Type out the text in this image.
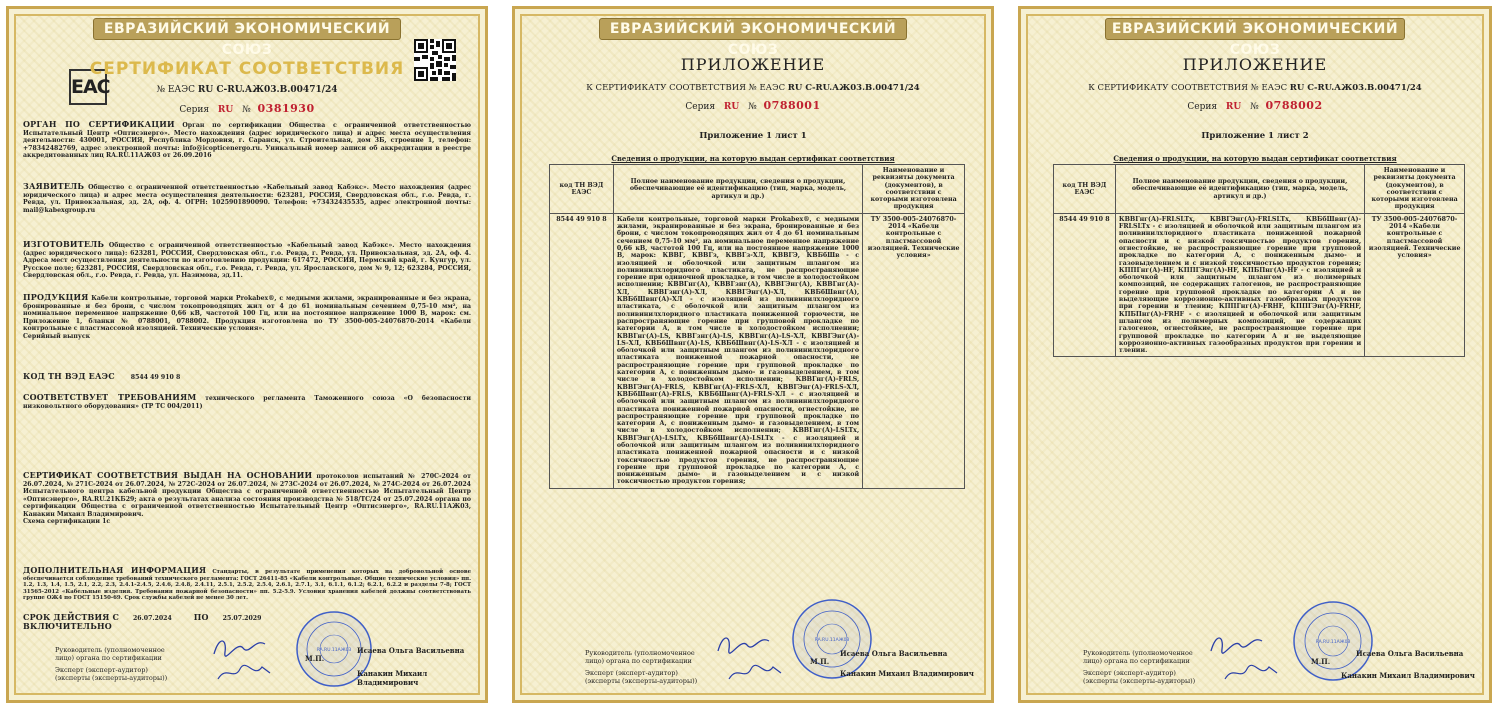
ЕВРАЗИЙСКИЙ ЭКОНОМИЧЕСКИЙ СОЮЗ
EAC
СЕРТИФИКАТ СООТВЕТСТВИЯ
№ ЕАЭС RU C-RU.АЖ03.B.00471/24
Серия RU № 0381930
ОРГАН ПО СЕРТИФИКАЦИИ Орган по сертификации Общества с ограниченной ответственностью Испытательный Центр «Оптисэнерго». Место нахождения (адрес юридического лица) и адрес места осуществления деятельности: 430001, РОССИЯ, Республика Мордовия, г. Саранск, ул. Строительная, дом 3Б, строение 1, телефон: +78342482769, адрес электронной почты: info@icopticenergo.ru. Уникальный номер записи об аккредитации в реестре аккредитованных лиц RA.RU.11АЖ03 от 26.09.2016
ЗАЯВИТЕЛЬ Общество с ограниченной ответственностью «Кабельный завод Кабэкс». Место нахождения (адрес юридического лица) и адрес места осуществления деятельности: 623281, РОССИЯ, Свердловская обл., г.о. Ревда, г. Ревда, ул. Привокзальная, зд. 2А, оф. 4. ОГРН: 1025901890090. Телефон: +73432435535, адрес электронной почты: mail@kabexgroup.ru
ИЗГОТОВИТЕЛЬ Общество с ограниченной ответственностью «Кабельный завод Кабэкс». Место нахождения (адрес юридического лица): 623281, РОССИЯ, Свердловская обл., г.о. Ревда, г. Ревда, ул. Привокзальная, зд. 2А, оф. 4. Адреса мест осуществления деятельности по изготовлению продукции: 617472, РОССИЯ, Пермский край, г. Кунгур, ул. Русское поле; 623281, РОССИЯ, Свердловская обл., г.о. Ревда, г. Ревда, ул. Ярославского, дом № 9, 12; 623284, РОССИЯ, Свердловская обл., г.о. Ревда, г. Ревда, ул. Назимова, зд.11.
ПРОДУКЦИЯ Кабели контрольные, торговой марки Prokabex®, с медными жилами, экранированные и без экрана, бронированные и без брони, с числом токопроводящих жил от 4 до 61 номинальным сечением 0,75-10 мм², на номинальное переменное напряжение 0,66 кВ, частотой 100 Гц, или на постоянное напряжение 1000 В, марок: см. Приложение 1, бланки № 0788001, 0788002. Продукция изготовлена по ТУ 3500-005-24076870-2014 «Кабели контрольные с пластмассовой изоляцией. Технические условия».
Серийный выпуск
КОД ТН ВЭД ЕАЭС	8544 49 910 8
СООТВЕТСТВУЕТ ТРЕБОВАНИЯМ технического регламента Таможенного союза «О безопасности низковольтного оборудования» (ТР ТС 004/2011)
СЕРТИФИКАТ СООТВЕТСТВИЯ ВЫДАН НА ОСНОВАНИИ протоколов испытаний № 270С-2024 от 26.07.2024, № 271С-2024 от 26.07.2024, № 272С-2024 от 26.07.2024, № 273С-2024 от 26.07.2024, № 274С-2024 от 26.07.2024 Испытательного центра кабельной продукции Общества с ограниченной ответственностью Испытательный Центр «Оптисэнерго», RA.RU.21КБ29; акта о результатах анализа состояния производства № 518/ТС/24 от 25.07.2024 органа по сертификации Общества с ограниченной ответственностью Испытательный Центр «Оптисэнерго», RA.RU.11АЖ03, Канакин Михаил Владимирович.
Схема сертификации 1с
ДОПОЛНИТЕЛЬНАЯ ИНФОРМАЦИЯ Стандарты, в результате применения которых на добровольной основе обеспечивается соблюдение требований технического регламента: ГОСТ 26411-85 «Кабели контрольные. Общие технические условия» пп. 1.2, 1.3, 1.4, 1.5, 2.1, 2.2, 2.3, 2.4.1-2.4.5, 2.4.6, 2.4.8, 2.4.11, 2.5.1, 2.5.2, 2.5.4, 2.6.1, 2.7.1, 3.1, 6.1.1, 6.1.2; 6.2.1, 6.2.2 и разделы 7-8; ГОСТ 31565-2012 «Кабельные изделия. Требования пожарной безопасности» пп. 5.2-5.9. Условия хранения кабелей должны соответствовать группе ОЖ4 по ГОСТ 15150-69. Срок службы кабелей не менее 30 лет.
СРОК ДЕЙСТВИЯ С 26.07.2024	ПО 25.07.2029
ВКЛЮЧИТЕЛЬНО
RA.RU.11АЖ03
Руководитель (уполномоченное лицо) органа по сертификации
Эксперт (эксперт-аудитор) (эксперты (эксперты-аудиторы))
М.П.
Исаева Ольга Васильевна
Канакин Михаил Владимирович
ЕВРАЗИЙСКИЙ ЭКОНОМИЧЕСКИЙ СОЮЗ
ПРИЛОЖЕНИЕ
К СЕРТИФИКАТУ СООТВЕТСТВИЯ № ЕАЭС RU C-RU.АЖ03.B.00471/24
Серия RU № 0788001
Приложение 1 лист 1
Сведения о продукции, на которую выдан сертификат соответствия
код ТН ВЭД ЕАЭС	Полное наименование продукции, сведения о продукции, обеспечивающие её идентификацию (тип, марка, модель, артикул и др.)	Наименование и реквизиты документа (документов), в соответствии с которыми изготовлена продукция
8544 49 910 8	Кабели контрольные, торговой марки Prokabex®, с медными жилами, экранированные и без экрана, бронированные и без брони, с числом токопроводящих жил от 4 до 61 номинальным сечением 0,75-10 мм², на номинальное переменное напряжение 0,66 кВ, частотой 100 Гц, или на постоянное напряжение 1000 В, марок: КВВГ, КВВГз, КВВГз-ХЛ, КВВГЭ, КВБбШв - с изоляцией и оболочкой или защитным шлангом из поливинилхлоридного пластиката, не распространяющие горение при одиночной прокладке, в том числе в холодостойком исполнении; КВВГнг(А), КВВГзнг(А), КВВГЭнг(А), КВВГнг(А)-ХЛ, КВВГзнг(А)-ХЛ, КВВГЭнг(А)-ХЛ, КВБбШвнг(А), КВБбШвнг(А)-ХЛ - с изоляцией из поливинилхлоридного пластиката, с оболочкой или защитным шлангом из поливинилхлоридного пластиката пониженной горючести, не распространяющие горение при групповой прокладке по категории А, в том числе в холодостойком исполнении; КВВГнг(А)-LS, КВВГзнг(А)-LS, КВВГнг(А)-LS-ХЛ, КВВГЭнг(А)-LS-ХЛ, КВБбШвнг(А)-LS, КВБбШвнг(А)-LS-ХЛ - с изоляцией и оболочкой или защитным шлангом из поливинилхлоридного пластиката пониженной пожарной опасности, не распространяющие горение при групповой прокладке по категории А, с пониженным дымо- и газовыделением, в том числе в холодостойком исполнении; КВВГнг(А)-FRLS, КВВГЭнг(А)-FRLS, КВВГнг(А)-FRLS-ХЛ, КВВГЭнг(А)-FRLS-ХЛ, КВБбШвнг(А)-FRLS, КВБбШвнг(А)-FRLS-ХЛ - с изоляцией и оболочкой или защитным шлангом из поливинилхлоридного пластиката пониженной пожарной опасности, огнестойкие, не распространяющие горение при групповой прокладке по категории А, с пониженным дымо- и газовыделением, в том числе в холодостойком исполнении; КВВГнг(А)-LSLTx, КВВГЭнг(А)-LSLTx, КВБбШвнг(А)-LSLTx - с изоляцией и оболочкой или защитным шлангом из поливинилхлоридного пластиката пониженной пожарной опасности и с низкой токсичностью продуктов горения, не распространяющие горение при групповой прокладке по категории А, с пониженным дымо- и газовыделением и с низкой токсичностью продуктов горения;	ТУ 3500-005-24076870-2014 «Кабели контрольные с пластмассовой изоляцией. Технические условия»
RA.RU.11АЖ03
Руководитель (уполномоченное лицо) органа по сертификации
Эксперт (эксперт-аудитор) (эксперты (эксперты-аудиторы))
М.П.
Исаева Ольга Васильевна
Канакин Михаил Владимирович
ЕВРАЗИЙСКИЙ ЭКОНОМИЧЕСКИЙ СОЮЗ
ПРИЛОЖЕНИЕ
К СЕРТИФИКАТУ СООТВЕТСТВИЯ № ЕАЭС RU C-RU.АЖ03.B.00471/24
Серия RU № 0788002
Приложение 1 лист 2
Сведения о продукции, на которую выдан сертификат соответствия
код ТН ВЭД ЕАЭС	Полное наименование продукции, сведения о продукции, обеспечивающие её идентификацию (тип, марка, модель, артикул и др.)	Наименование и реквизиты документа (документов), в соответствии с которыми изготовлена продукция
8544 49 910 8	КВВГнг(А)-FRLSLTx, КВВГЭнг(А)-FRLSLTx, КВБбШвнг(А)-FRLSLTx - с изоляцией и оболочкой или защитным шлангом из поливинилхлоридного пластиката пониженной пожарной опасности и с низкой токсичностью продуктов горения, огнестойкие, не распространяющие горение при групповой прокладке по категории А, с пониженным дымо- и газовыделением и с низкой токсичностью продуктов горения; КППГнг(А)-HF, КППГЭнг(А)-HF, КПБПнг(А)-HF - с изоляцией и оболочкой или защитным шлангом из полимерных композиций, не содержащих галогенов, не распространяющие горение при групповой прокладке по категории А и не выделяющие коррозионно-активных газообразных продуктов при горении и тлении; КППГнг(А)-FRHF, КППГЭнг(А)-FRHF, КПБПнг(А)-FRHF - с изоляцией и оболочкой или защитным шлангом из полимерных композиций, не содержащих галогенов, огнестойкие, не распространяющие горение при групповой прокладке по категории А и не выделяющие коррозионно-активных газообразных продуктов при горении и тлении.	ТУ 3500-005-24076870-2014 «Кабели контрольные с пластмассовой изоляцией. Технические условия»
RA.RU.11АЖ03
Руководитель (уполномоченное лицо) органа по сертификации
Эксперт (эксперт-аудитор) (эксперты (эксперты-аудиторы))
М.П.
Исаева Ольга Васильевна
Канакин Михаил Владимирович
